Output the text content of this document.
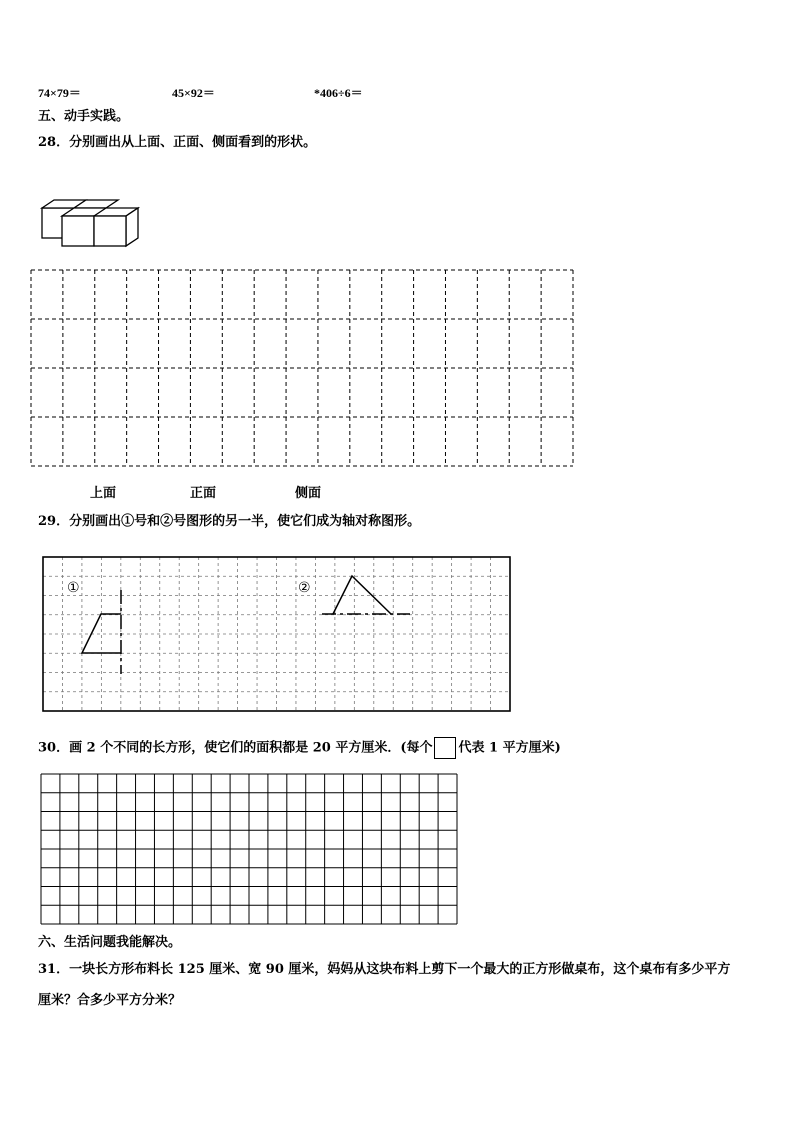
74×79＝	45×92＝	*406÷6＝
五、动手实践。
28．分别画出从上面、正面、侧面看到的形状。
上面	正面	侧面
29．分别画出①号和②号图形的另一半，使它们成为轴对称图形。
①	②
30．画 2 个不同的长方形，使它们的面积都是 20 平方厘米．(每个 代表 1 平方厘米)
六、生活问题我能解决。
31．一块长方形布料长 125 厘米、宽 90 厘米，妈妈从这块布料上剪下一个最大的正方形做桌布，这个桌布有多少平方
厘米？合多少平方分米？
